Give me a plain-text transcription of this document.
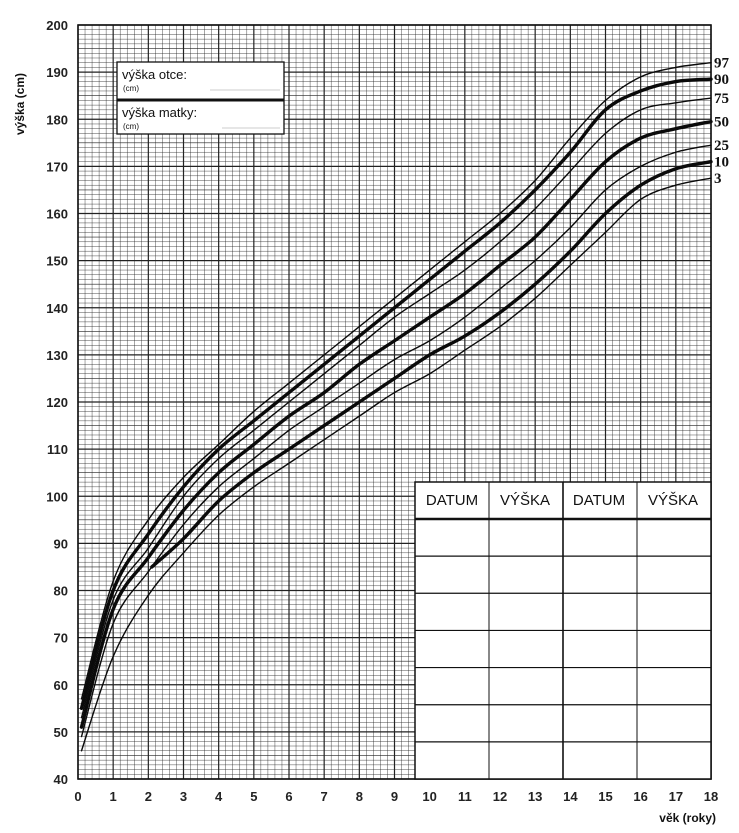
97
90
75
50
25
10
3
0 1 2 3 4 5 6 7 8 9 10 11 12 13 14 15 16 17 18
40
50
60
70
80
90
100
110
120
130
140
150
160
170
180
190
200
výška (cm)
věk (roky)
výška otce:
(cm)
výška matky:
(cm)
DATUM VÝŠKA DATUM VÝŠKA
